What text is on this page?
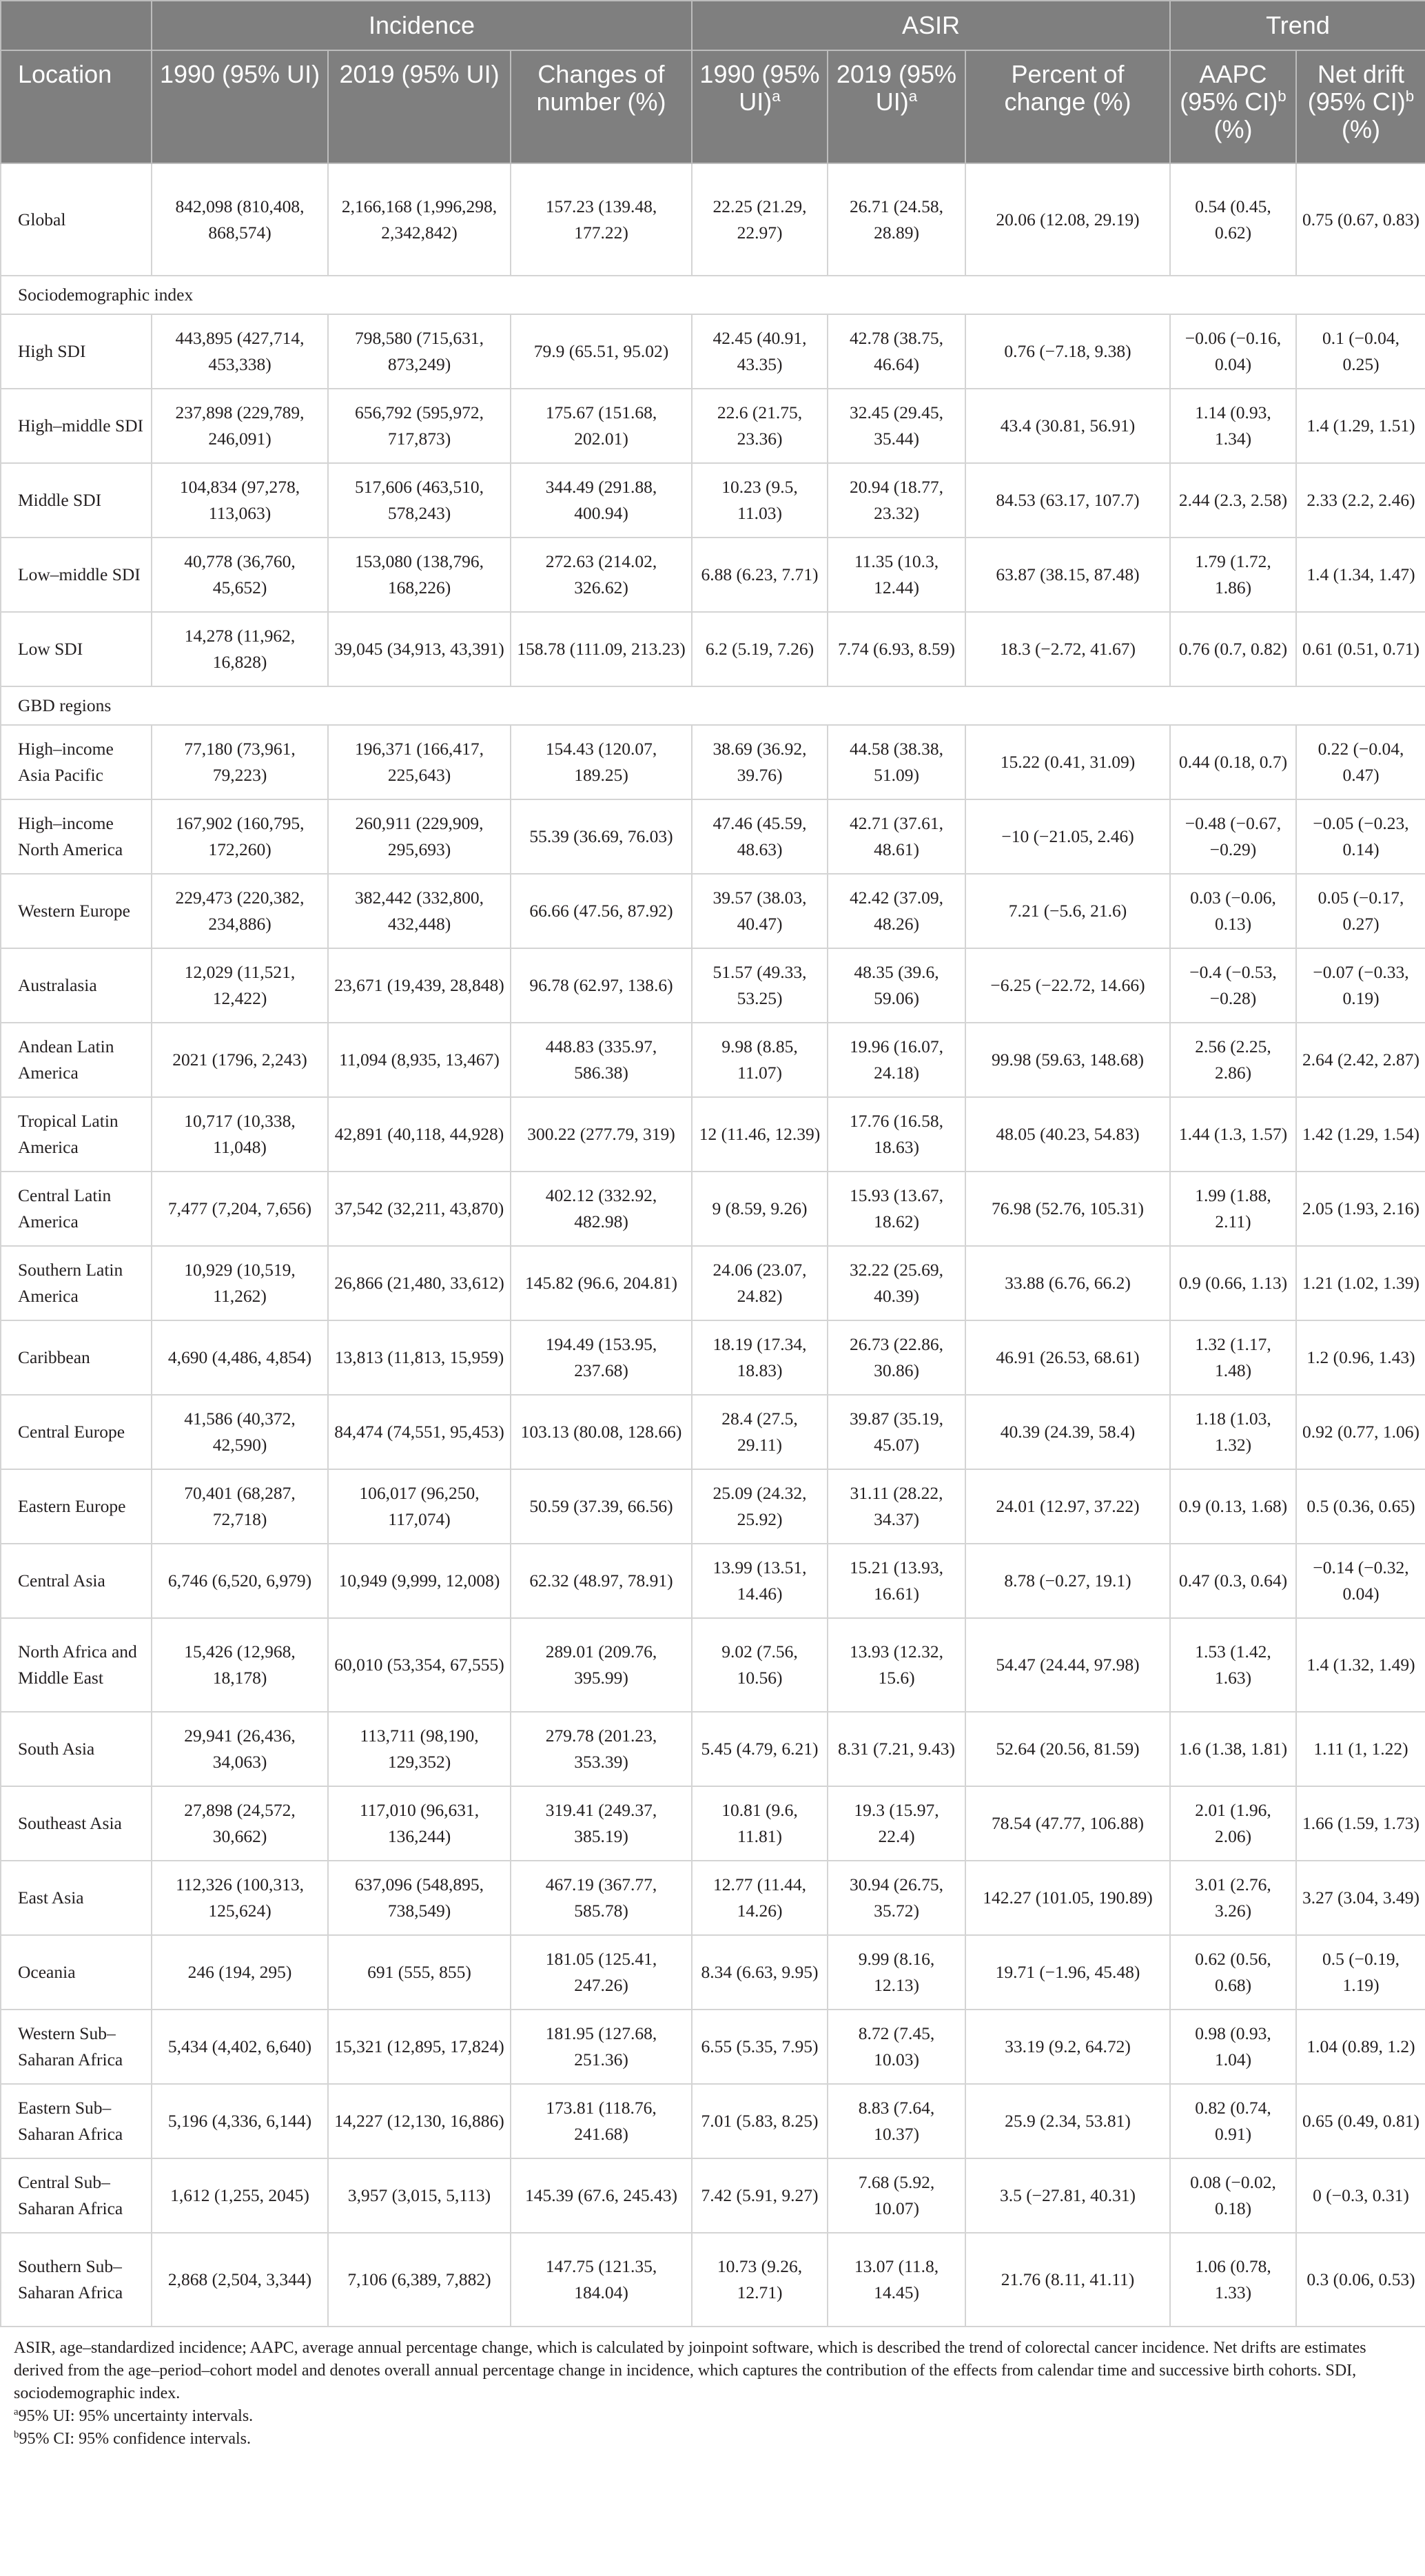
	Incidence			ASIR			Trend	
Location	1990 (95% UI)	2019 (95% UI)	Changes of number (%)	1990 (95% UI)$^a$	2019 (95% UI)$^a$	Percent of change (%)	AAPC (95% CI)$^b$ (%)	Net drift (95% CI)$^b$ (%)
Global	842,098 (810,408, 868,574)	2,166,168 (1,996,298, 2,342,842)	157.23 (139.48, 177.22)	22.25 (21.29, 22.97)	26.71 (24.58, 28.89)	20.06 (12.08, 29.19)	0.54 (0.45, 0.62)	0.75 (0.67, 0.83)
Sociodemographic index								
High SDI	443,895 (427,714, 453,338)	798,580 (715,631, 873,249)	79.9 (65.51, 95.02)	42.45 (40.91, 43.35)	42.78 (38.75, 46.64)	0.76 (−7.18, 9.38)	−0.06 (−0.16, 0.04)	0.1 (−0.04, 0.25)
High–middle SDI	237,898 (229,789, 246,091)	656,792 (595,972, 717,873)	175.67 (151.68, 202.01)	22.6 (21.75, 23.36)	32.45 (29.45, 35.44)	43.4 (30.81, 56.91)	1.14 (0.93, 1.34)	1.4 (1.29, 1.51)
Middle SDI	104,834 (97,278, 113,063)	517,606 (463,510, 578,243)	344.49 (291.88, 400.94)	10.23 (9.5, 11.03)	20.94 (18.77, 23.32)	84.53 (63.17, 107.7)	2.44 (2.3, 2.58)	2.33 (2.2, 2.46)
Low–middle SDI	40,778 (36,760, 45,652)	153,080 (138,796, 168,226)	272.63 (214.02, 326.62)	6.88 (6.23, 7.71)	11.35 (10.3, 12.44)	63.87 (38.15, 87.48)	1.79 (1.72, 1.86)	1.4 (1.34, 1.47)
Low SDI	14,278 (11,962, 16,828)	39,045 (34,913, 43,391)	158.78 (111.09, 213.23)	6.2 (5.19, 7.26)	7.74 (6.93, 8.59)	18.3 (−2.72, 41.67)	0.76 (0.7, 0.82)	0.61 (0.51, 0.71)
GBD regions								
High–income Asia Pacific	77,180 (73,961, 79,223)	196,371 (166,417, 225,643)	154.43 (120.07, 189.25)	38.69 (36.92, 39.76)	44.58 (38.38, 51.09)	15.22 (0.41, 31.09)	0.44 (0.18, 0.7)	0.22 (−0.04, 0.47)
High–income North America	167,902 (160,795, 172,260)	260,911 (229,909, 295,693)	55.39 (36.69, 76.03)	47.46 (45.59, 48.63)	42.71 (37.61, 48.61)	−10 (−21.05, 2.46)	−0.48 (−0.67, −0.29)	−0.05 (−0.23, 0.14)
Western Europe	229,473 (220,382, 234,886)	382,442 (332,800, 432,448)	66.66 (47.56, 87.92)	39.57 (38.03, 40.47)	42.42 (37.09, 48.26)	7.21 (−5.6, 21.6)	0.03 (−0.06, 0.13)	0.05 (−0.17, 0.27)
Australasia	12,029 (11,521, 12,422)	23,671 (19,439, 28,848)	96.78 (62.97, 138.6)	51.57 (49.33, 53.25)	48.35 (39.6, 59.06)	−6.25 (−22.72, 14.66)	−0.4 (−0.53, −0.28)	−0.07 (−0.33, 0.19)
Andean Latin America	2021 (1796, 2,243)	11,094 (8,935, 13,467)	448.83 (335.97, 586.38)	9.98 (8.85, 11.07)	19.96 (16.07, 24.18)	99.98 (59.63, 148.68)	2.56 (2.25, 2.86)	2.64 (2.42, 2.87)
Tropical Latin America	10,717 (10,338, 11,048)	42,891 (40,118, 44,928)	300.22 (277.79, 319)	12 (11.46, 12.39)	17.76 (16.58, 18.63)	48.05 (40.23, 54.83)	1.44 (1.3, 1.57)	1.42 (1.29, 1.54)
Central Latin America	7,477 (7,204, 7,656)	37,542 (32,211, 43,870)	402.12 (332.92, 482.98)	9 (8.59, 9.26)	15.93 (13.67, 18.62)	76.98 (52.76, 105.31)	1.99 (1.88, 2.11)	2.05 (1.93, 2.16)
Southern Latin America	10,929 (10,519, 11,262)	26,866 (21,480, 33,612)	145.82 (96.6, 204.81)	24.06 (23.07, 24.82)	32.22 (25.69, 40.39)	33.88 (6.76, 66.2)	0.9 (0.66, 1.13)	1.21 (1.02, 1.39)
Caribbean	4,690 (4,486, 4,854)	13,813 (11,813, 15,959)	194.49 (153.95, 237.68)	18.19 (17.34, 18.83)	26.73 (22.86, 30.86)	46.91 (26.53, 68.61)	1.32 (1.17, 1.48)	1.2 (0.96, 1.43)
Central Europe	41,586 (40,372, 42,590)	84,474 (74,551, 95,453)	103.13 (80.08, 128.66)	28.4 (27.5, 29.11)	39.87 (35.19, 45.07)	40.39 (24.39, 58.4)	1.18 (1.03, 1.32)	0.92 (0.77, 1.06)
Eastern Europe	70,401 (68,287, 72,718)	106,017 (96,250, 117,074)	50.59 (37.39, 66.56)	25.09 (24.32, 25.92)	31.11 (28.22, 34.37)	24.01 (12.97, 37.22)	0.9 (0.13, 1.68)	0.5 (0.36, 0.65)
Central Asia	6,746 (6,520, 6,979)	10,949 (9,999, 12,008)	62.32 (48.97, 78.91)	13.99 (13.51, 14.46)	15.21 (13.93, 16.61)	8.78 (−0.27, 19.1)	0.47 (0.3, 0.64)	−0.14 (−0.32, 0.04)
North Africa and Middle East	15,426 (12,968, 18,178)	60,010 (53,354, 67,555)	289.01 (209.76, 395.99)	9.02 (7.56, 10.56)	13.93 (12.32, 15.6)	54.47 (24.44, 97.98)	1.53 (1.42, 1.63)	1.4 (1.32, 1.49)
South Asia	29,941 (26,436, 34,063)	113,711 (98,190, 129,352)	279.78 (201.23, 353.39)	5.45 (4.79, 6.21)	8.31 (7.21, 9.43)	52.64 (20.56, 81.59)	1.6 (1.38, 1.81)	1.11 (1, 1.22)
Southeast Asia	27,898 (24,572, 30,662)	117,010 (96,631, 136,244)	319.41 (249.37, 385.19)	10.81 (9.6, 11.81)	19.3 (15.97, 22.4)	78.54 (47.77, 106.88)	2.01 (1.96, 2.06)	1.66 (1.59, 1.73)
East Asia	112,326 (100,313, 125,624)	637,096 (548,895, 738,549)	467.19 (367.77, 585.78)	12.77 (11.44, 14.26)	30.94 (26.75, 35.72)	142.27 (101.05, 190.89)	3.01 (2.76, 3.26)	3.27 (3.04, 3.49)
Oceania	246 (194, 295)	691 (555, 855)	181.05 (125.41, 247.26)	8.34 (6.63, 9.95)	9.99 (8.16, 12.13)	19.71 (−1.96, 45.48)	0.62 (0.56, 0.68)	0.5 (−0.19, 1.19)
Western Sub–Saharan Africa	5,434 (4,402, 6,640)	15,321 (12,895, 17,824)	181.95 (127.68, 251.36)	6.55 (5.35, 7.95)	8.72 (7.45, 10.03)	33.19 (9.2, 64.72)	0.98 (0.93, 1.04)	1.04 (0.89, 1.2)
Eastern Sub–Saharan Africa	5,196 (4,336, 6,144)	14,227 (12,130, 16,886)	173.81 (118.76, 241.68)	7.01 (5.83, 8.25)	8.83 (7.64, 10.37)	25.9 (2.34, 53.81)	0.82 (0.74, 0.91)	0.65 (0.49, 0.81)
Central Sub–Saharan Africa	1,612 (1,255, 2045)	3,957 (3,015, 5,113)	145.39 (67.6, 245.43)	7.42 (5.91, 9.27)	7.68 (5.92, 10.07)	3.5 (−27.81, 40.31)	0.08 (−0.02, 0.18)	0 (−0.3, 0.31)
Southern Sub–Saharan Africa	2,868 (2,504, 3,344)	7,106 (6,389, 7,882)	147.75 (121.35, 184.04)	10.73 (9.26, 12.71)	13.07 (11.8, 14.45)	21.76 (8.11, 41.11)	1.06 (0.78, 1.33)	0.3 (0.06, 0.53)

ASIR, age–standardized incidence; AAPC, average annual percentage change, which is calculated by joinpoint software, which is described the trend of colorectal cancer incidence. Net drifts are estimates derived from the age–period–cohort model and denotes overall annual percentage change in incidence, which captures the contribution of the effects from calendar time and successive birth cohorts. SDI, sociodemographic index.

$^a$95% UI: 95% uncertainty intervals.

$^b$95% CI: 95% confidence intervals.
